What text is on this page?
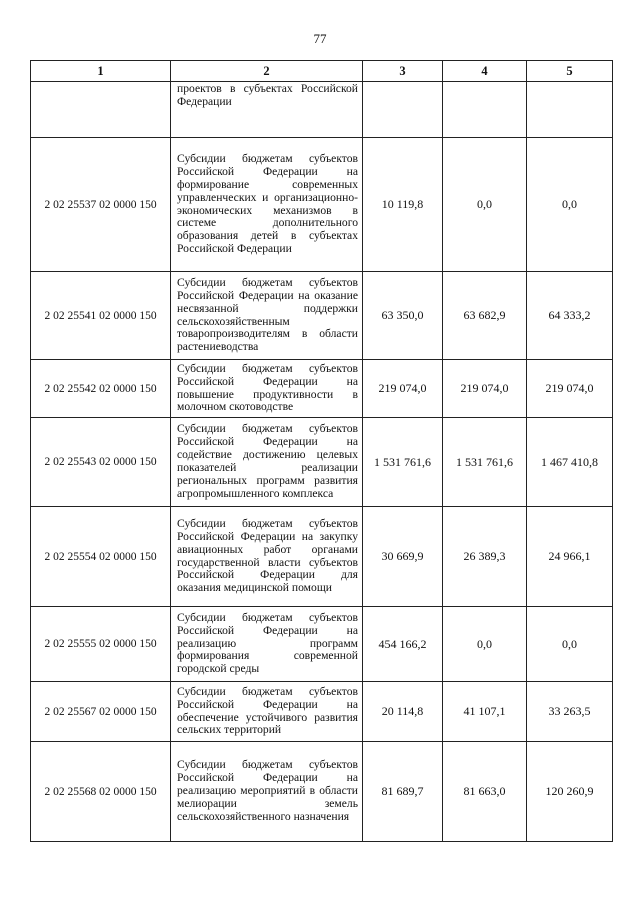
77
1	2	3	4	5
	проектов в субъектах Российской Федерации			
2 02 25537 02 0000 150	Субсидии бюджетам субъектов Российской Федерации на формирование современных управленческих и организационно-экономических механизмов в системе дополнительного образования детей в субъектах Российской Федерации	10 119,8	0,0	0,0
2 02 25541 02 0000 150	Субсидии бюджетам субъектов Российской Федерации на оказание несвязанной поддержки сельскохозяйственным товаропроизводителям в области растениеводства	63 350,0	63 682,9	64 333,2
2 02 25542 02 0000 150	Субсидии бюджетам субъектов Российской Федерации на повышение продуктивности в молочном скотоводстве	219 074,0	219 074,0	219 074,0
2 02 25543 02 0000 150	Субсидии бюджетам субъектов Российской Федерации на содействие достижению целевых показателей реализации региональных программ развития агропромышленного комплекса	1 531 761,6	1 531 761,6	1 467 410,8
2 02 25554 02 0000 150	Субсидии бюджетам субъектов Российской Федерации на закупку авиационных работ органами государственной власти субъектов Российской Федерации для оказания медицинской помощи	30 669,9	26 389,3	24 966,1
2 02 25555 02 0000 150	Субсидии бюджетам субъектов Российской Федерации на реализацию программ формирования современной городской среды	454 166,2	0,0	0,0
2 02 25567 02 0000 150	Субсидии бюджетам субъектов Российской Федерации на обеспечение устойчивого развития сельских территорий	20 114,8	41 107,1	33 263,5
2 02 25568 02 0000 150	Субсидии бюджетам субъектов Российской Федерации на реализацию мероприятий в области мелиорации земель сельскохозяйственного назначения	81 689,7	81 663,0	120 260,9
